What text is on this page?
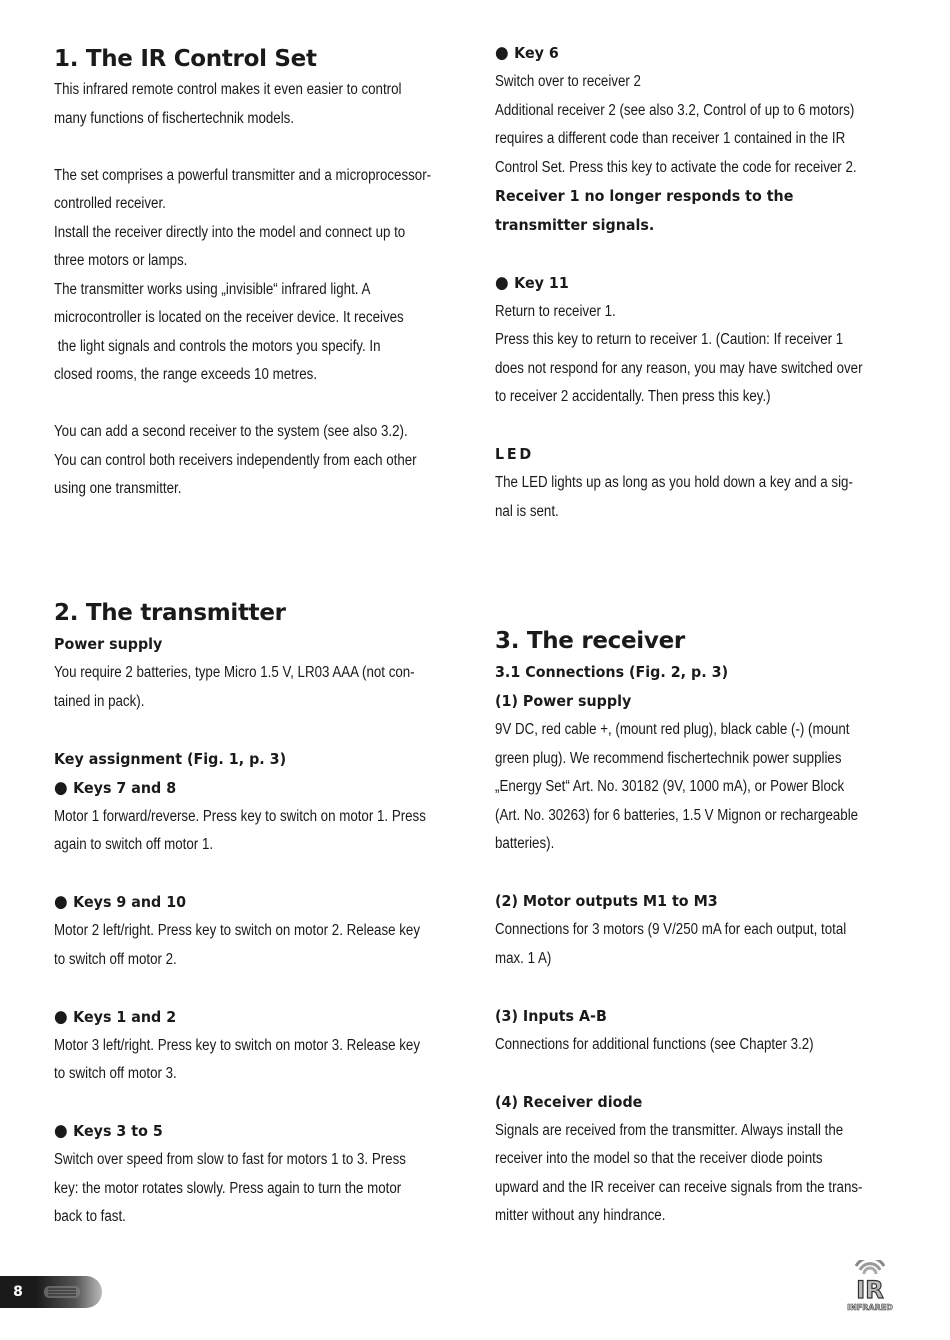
1. The IR Control Set

This infrared remote control makes it even easier to control

many functions of fischertechnik models.

The set comprises a powerful transmitter and a microprocessor-

controlled receiver.

Install the receiver directly into the model and connect up to

three motors or lamps.

The transmitter works using „invisible“ infrared light. A

microcontroller is located on the receiver device. It receives

the light signals and controls the motors you specify. In

closed rooms, the range exceeds 10 metres.

You can add a second receiver to the system (see also 3.2).

You can control both receivers independently from each other

using one transmitter.

2. The transmitter

Power supply

You require 2 batteries, type Micro 1.5 V, LR03 AAA (not con-

tained in pack).

Key assignment (Fig. 1, p. 3)

● Keys 7 and 8

Motor 1 forward/reverse. Press key to switch on motor 1. Press

again to switch off motor 1.

● Keys 9 and 10

Motor 2 left/right. Press key to switch on motor 2. Release key

to switch off motor 2.

● Keys 1 and 2

Motor 3 left/right. Press key to switch on motor 3. Release key

to switch off motor 3.

● Keys 3 to 5

Switch over speed from slow to fast for motors 1 to 3. Press

key: the motor rotates slowly. Press again to turn the motor

back to fast.

● Key 6

Switch over to receiver 2

Additional receiver 2 (see also 3.2, Control of up to 6 motors)

requires a different code than receiver 1 contained in the IR

Control Set. Press this key to activate the code for receiver 2.

Receiver 1 no longer responds to the

transmitter signals.

● Key 11

Return to receiver 1.

Press this key to return to receiver 1. (Caution: If receiver 1

does not respond for any reason, you may have switched over

to receiver 2 accidentally. Then press this key.)

LED

The LED lights up as long as you hold down a key and a sig-

nal is sent.

3. The receiver

3.1 Connections (Fig. 2, p. 3)

(1) Power supply

9V DC, red cable +, (mount red plug), black cable (-) (mount

green plug). We recommend fischertechnik power supplies

„Energy Set“ Art. No. 30182 (9V, 1000 mA), or Power Block

(Art. No. 30263) for 6 batteries, 1.5 V Mignon or rechargeable

batteries).

(2) Motor outputs M1 to M3

Connections for 3 motors (9 V/250 mA for each output, total

max. 1 A)

(3) Inputs A-B

Connections for additional functions (see Chapter 3.2)

(4) Receiver diode

Signals are received from the transmitter. Always install the

receiver into the model so that the receiver diode points

upward and the IR receiver can receive signals from the trans-

mitter without any hindrance.

8	IR
INFRARED
